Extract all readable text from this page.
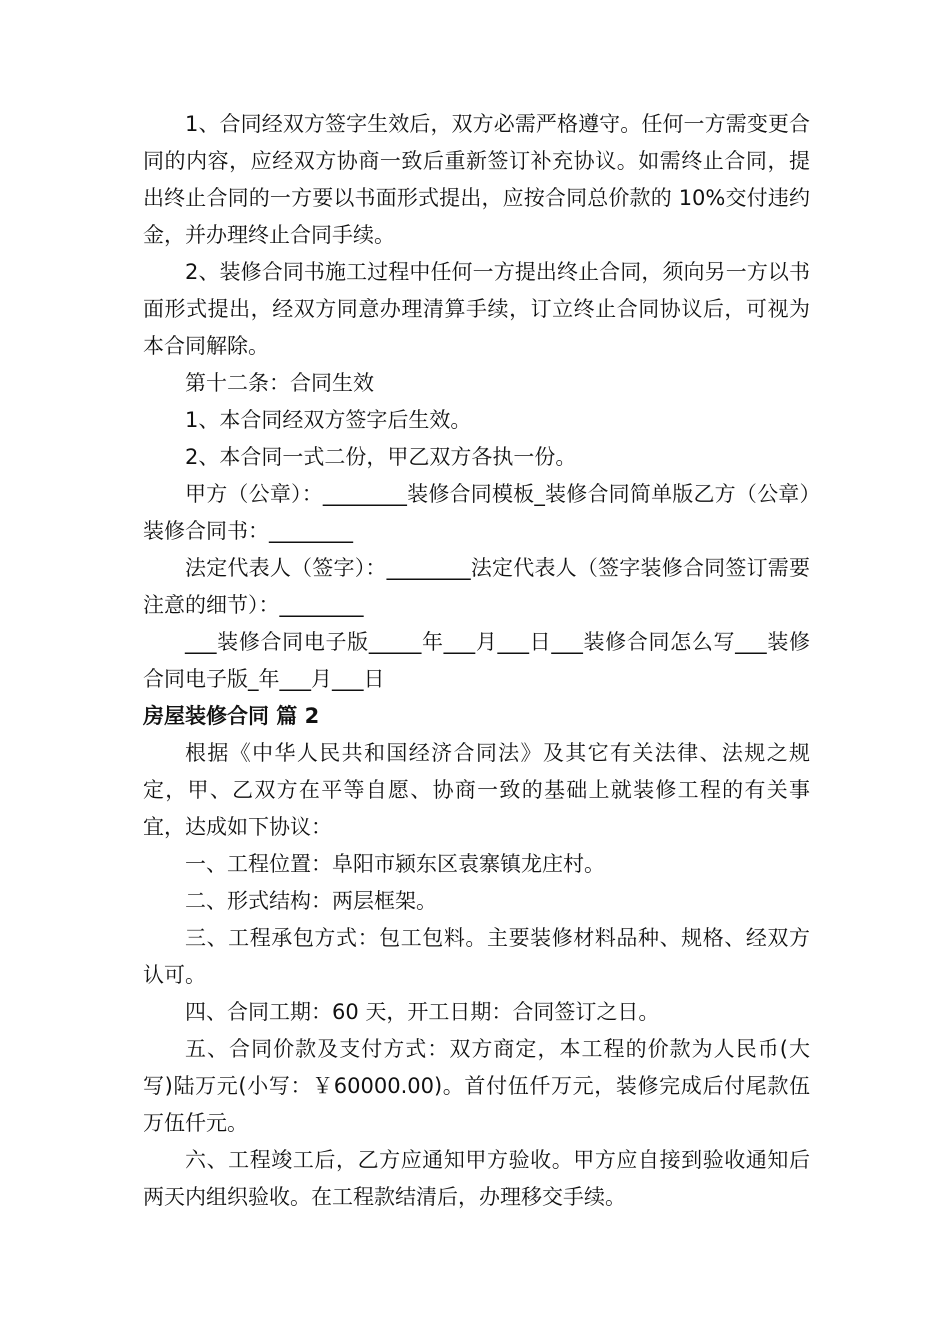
1、合同经双方签字生效后，双方必需严格遵守。任何一方需变更合同的内容，应经双方协商一致后重新签订补充协议。如需终止合同，提出终止合同的一方要以书面形式提出，应按合同总价款的 10%交付违约金，并办理终止合同手续。

2、装修合同书施工过程中任何一方提出终止合同，须向另一方以书面形式提出，经双方同意办理清算手续，订立终止合同协议后，可视为本合同解除。

第十二条：合同生效

1、本合同经双方签字后生效。

2、本合同一式二份，甲乙双方各执一份。

甲方（公章）：________装修合同模板_装修合同简单版乙方（公章）装修合同书：________

法定代表人（签字）：________法定代表人（签字装修合同签订需要注意的细节）：________

___装修合同电子版_____年___月___日___装修合同怎么写___装修合同电子版_年___月___日

房屋装修合同 篇 2

根据《中华人民共和国经济合同法》及其它有关法律、法规之规定，甲、乙双方在平等自愿、协商一致的基础上就装修工程的有关事宜，达成如下协议：

一、工程位置：阜阳市颍东区袁寨镇龙庄村。

二、形式结构：两层框架。

三、工程承包方式：包工包料。主要装修材料品种、规格、经双方认可。

四、合同工期：60 天，开工日期：合同签订之日。

五、合同价款及支付方式：双方商定，本工程的价款为人民币(大写)陆万元(小写：￥60000.00)。首付伍仟万元，装修完成后付尾款伍万伍仟元。

六、工程竣工后，乙方应通知甲方验收。甲方应自接到验收通知后两天内组织验收。在工程款结清后，办理移交手续。
